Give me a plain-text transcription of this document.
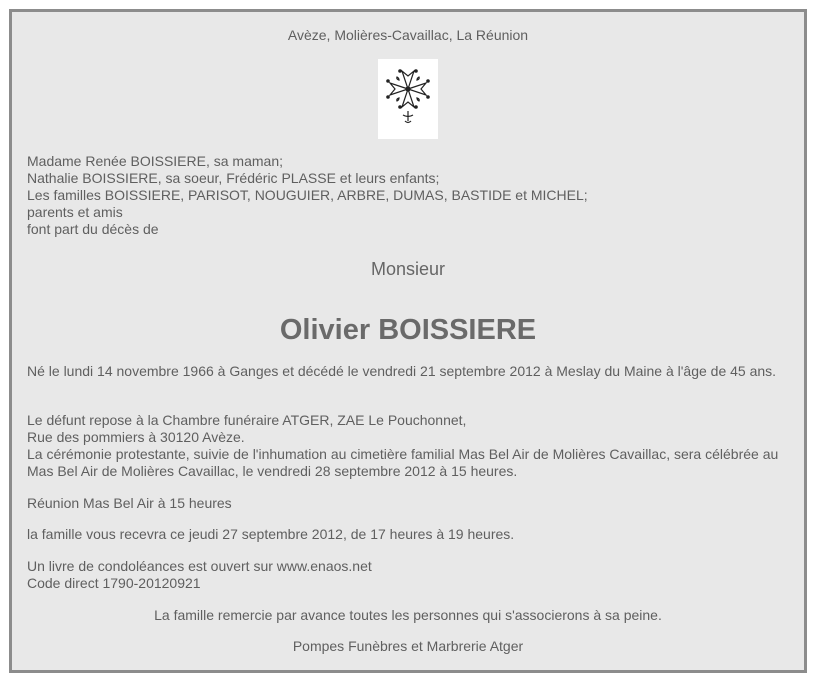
Avèze, Molières-Cavaillac, La Réunion

Madame Renée BOISSIERE, sa maman;
Nathalie BOISSIERE, sa soeur, Frédéric PLASSE et leurs enfants;
Les familles BOISSIERE, PARISOT, NOUGUIER, ARBRE, DUMAS, BASTIDE et MICHEL;
parents et amis
font part du décès de

Monsieur

Olivier BOISSIERE

Né le lundi 14 novembre 1966 à Ganges et décédé le vendredi 21 septembre 2012 à Meslay du Maine à l'âge de 45 ans.

Le défunt repose à la Chambre funéraire ATGER, ZAE Le Pouchonnet,
Rue des pommiers à 30120 Avèze.
La cérémonie protestante, suivie de l'inhumation au cimetière familial Mas Bel Air de Molières Cavaillac, sera célébrée au Mas Bel Air de Molières Cavaillac, le vendredi 28 septembre 2012 à 15 heures.

Réunion Mas Bel Air à 15 heures

la famille vous recevra ce jeudi 27 septembre 2012, de 17 heures à 19 heures.

Un livre de condoléances est ouvert sur www.enaos.net
Code direct 1790-20120921

La famille remercie par avance toutes les personnes qui s'associerons à sa peine.

Pompes Funèbres et Marbrerie Atger
